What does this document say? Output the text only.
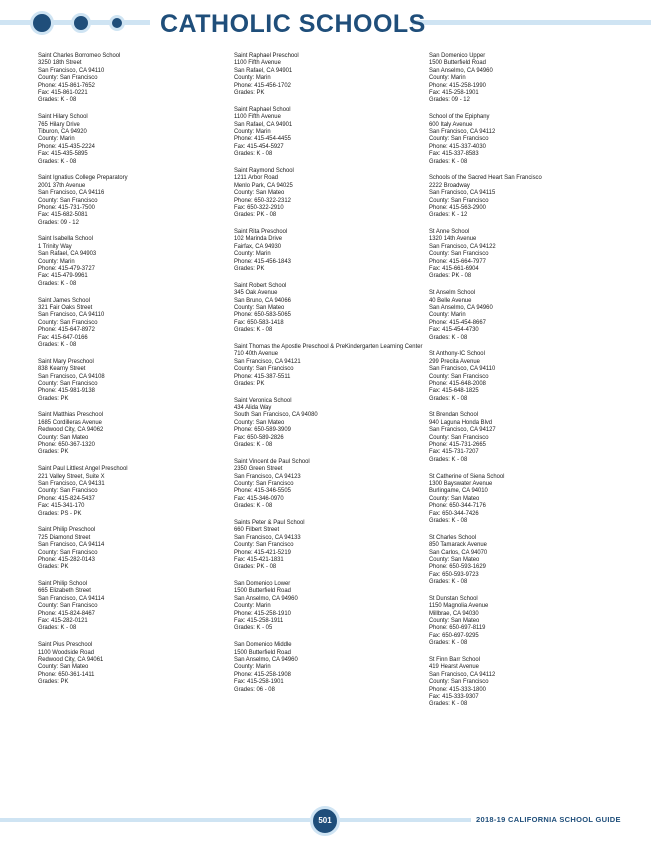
CATHOLIC SCHOOLS
Saint Charles Borromeo School
3250 18th Street
San Francisco, CA 94110
County: San Francisco
Phone: 415-861-7652
Fax: 415-861-0221
Grades: K - 08
Saint Hilary School
765 Hilary Drive
Tiburon, CA 94920
County: Marin
Phone: 415-435-2224
Fax: 415-435-5895
Grades: K - 08
Saint Ignatius College Preparatory
2001 37th Avenue
San Francisco, CA 94116
County: San Francisco
Phone: 415-731-7500
Fax: 415-682-5081
Grades: 09 - 12
Saint Isabella School
1 Trinity Way
San Rafael, CA 94903
County: Marin
Phone: 415-479-3727
Fax: 415-479-9961
Grades: K - 08
Saint James School
321 Fair Oaks Street
San Francisco, CA 94110
County: San Francisco
Phone: 415-647-8972
Fax: 415-647-0166
Grades: K - 08
Saint Mary Preschool
838 Kearny Street
San Francisco, CA 94108
County: San Francisco
Phone: 415-981-9138
Grades: PK
Saint Matthias Preschool
1685 Cordilleras Avenue
Redwood City, CA 94062
County: San Mateo
Phone: 650-367-1320
Grades: PK
Saint Paul Littlest Angel Preschool
221 Valley Street, Suite X
San Francisco, CA 94131
County: San Francisco
Phone: 415-824-5437
Fax: 415-341-170
Grades: PS - PK
Saint Philip Preschool
725 Diamond Street
San Francisco, CA 94114
County: San Francisco
Phone: 415-282-0143
Grades: PK
Saint Philip School
665 Elizabeth Street
San Francisco, CA 94114
County: San Francisco
Phone: 415-824-8467
Fax: 415-282-0121
Grades: K - 08
Saint Pius Preschool
1100 Woodside Road
Redwood City, CA 94061
County: San Mateo
Phone: 650-361-1411
Grades: PK
Saint Raphael Preschool
1100 Fifth Avenue
San Rafael, CA 94901
County: Marin
Phone: 415-456-1702
Grades: PK
Saint Raphael School
1100 Fifth Avenue
San Rafael, CA 94901
County: Marin
Phone: 415-454-4455
Fax: 415-454-5927
Grades: K - 08
Saint Raymond School
1211 Arbor Road
Menlo Park, CA 94025
County: San Mateo
Phone: 650-322-2312
Fax: 650-322-2910
Grades: PK - 08
Saint Rita Preschool
102 Marinda Drive
Fairfax, CA 94930
County: Marin
Phone: 415-456-1843
Grades: PK
Saint Robert School
345 Oak Avenue
San Bruno, CA 94066
County: San Mateo
Phone: 650-583-5065
Fax: 650-583-1418
Grades: K - 08
Saint Thomas the Apostle Preschool & PreKindergarten Learning Center
710 40th Avenue
San Francisco, CA 94121
County: San Francisco
Phone: 415-387-5511
Grades: PK
Saint Veronica School
434 Alida Way
South San Francisco, CA 94080
County: San Mateo
Phone: 650-589-3909
Fax: 650-589-2826
Grades: K - 08
Saint Vincent de Paul School
2350 Green Street
San Francisco, CA 94123
County: San Francisco
Phone: 415-346-5505
Fax: 415-346-0970
Grades: K - 08
Saints Peter & Paul School
660 Filbert Street
San Francisco, CA 94133
County: San Francisco
Phone: 415-421-5219
Fax: 415-421-1831
Grades: PK - 08
San Domenico Lower
1500 Butterfield Road
San Anselmo, CA 94960
County: Marin
Phone: 415-258-1910
Fax: 415-258-1911
Grades: K - 05
San Domenico Middle
1500 Butterfield Road
San Anselmo, CA 94960
County: Marin
Phone: 415-258-1908
Fax: 415-258-1901
Grades: 06 - 08
San Domenico Upper
1500 Butterfield Road
San Anselmo, CA 94960
County: Marin
Phone: 415-258-1990
Fax: 415-258-1901
Grades: 09 - 12
School of the Epiphany
600 Italy Avenue
San Francisco, CA 94112
County: San Francisco
Phone: 415-337-4030
Fax: 415-337-8583
Grades: K - 08
Schools of the Sacred Heart San Francisco
2222 Broadway
San Francisco, CA 94115
County: San Francisco
Phone: 415-563-2900
Grades: K - 12
St Anne School
1320 14th Avenue
San Francisco, CA 94122
County: San Francisco
Phone: 415-664-7977
Fax: 415-661-6904
Grades: PK - 08
St Anselm School
40 Belle Avenue
San Anselmo, CA 94960
County: Marin
Phone: 415-454-8667
Fax: 415-454-4730
Grades: K - 08
St Anthony-IC School
299 Precita Avenue
San Francisco, CA 94110
County: San Francisco
Phone: 415-648-2008
Fax: 415-648-1825
Grades: K - 08
St Brendan School
940 Laguna Honda Blvd
San Francisco, CA 94127
County: San Francisco
Phone: 415-731-2665
Fax: 415-731-7207
Grades: K - 08
St Catherine of Siena School
1300 Bayswater Avenue
Burlingame, CA 94010
County: San Mateo
Phone: 650-344-7176
Fax: 650-344-7426
Grades: K - 08
St Charles School
850 Tamarack Avenue
San Carlos, CA 94070
County: San Mateo
Phone: 650-593-1629
Fax: 650-593-9723
Grades: K - 08
St Dunstan School
1150 Magnolia Avenue
Millbrae, CA 94030
County: San Mateo
Phone: 650-697-8119
Fax: 650-697-9295
Grades: K - 08
St Finn Barr School
419 Hearst Avenue
San Francisco, CA 94112
County: San Francisco
Phone: 415-333-1800
Fax: 415-333-9307
Grades: K - 08
501	2018-19 CALIFORNIA SCHOOL GUIDE
